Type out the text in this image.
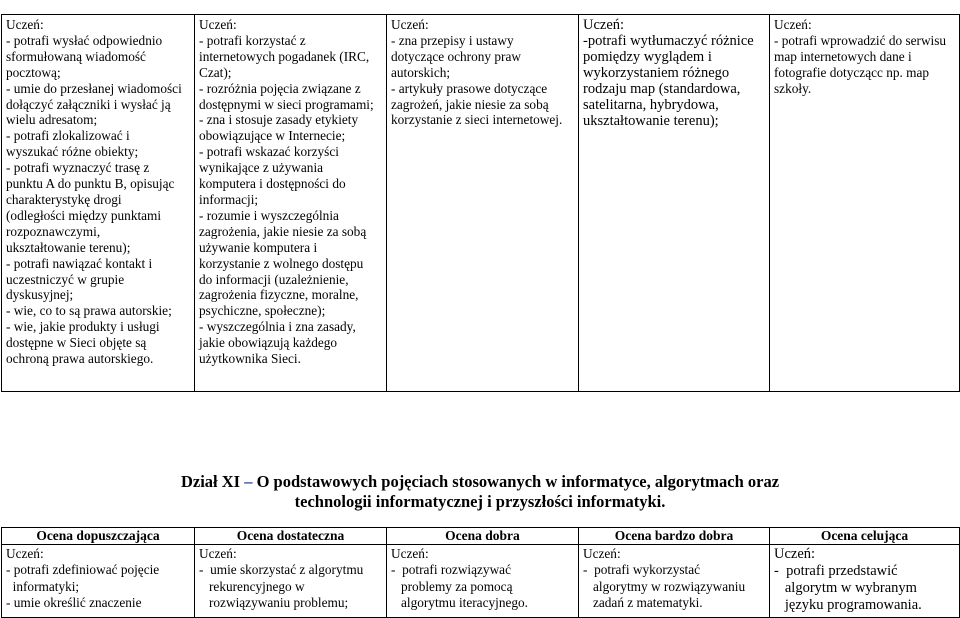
Uczeń:
- potrafi wysłać odpowiednio
sformułowaną wiadomość
pocztową;
- umie do przesłanej wiadomości
dołączyć załączniki i wysłać ją
wielu adresatom;
- potrafi zlokalizować i
wyszukać różne obiekty;
- potrafi wyznaczyć trasę z
punktu A do punktu B, opisując
charakterystykę drogi
(odległości między punktami
rozpoznawczymi,
ukształtowanie terenu);
- potrafi nawiązać kontakt i
uczestniczyć w grupie
dyskusyjnej;
- wie, co to są prawa autorskie;
- wie, jakie produkty i usługi
dostępne w Sieci objęte są
ochroną prawa autorskiego.

Uczeń:
- potrafi korzystać z
internetowych pogadanek (IRC,
Czat);
- rozróżnia pojęcia związane z
dostępnymi w sieci programami;
- zna i stosuje zasady etykiety
obowiązujące w Internecie;
- potrafi wskazać korzyści
wynikające z używania
komputera i dostępności do
informacji;
- rozumie i wyszczególnia
zagrożenia, jakie niesie za sobą
używanie komputera i
korzystanie z wolnego dostępu
do informacji (uzależnienie,
zagrożenia fizyczne, moralne,
psychiczne, społeczne);
- wyszczególnia i zna zasady,
jakie obowiązują każdego
użytkownika Sieci.

Uczeń:
- zna przepisy i ustawy
dotyczące ochrony praw
autorskich;
- artykuły prasowe dotyczące
zagrożeń, jakie niesie za sobą
korzystanie z sieci internetowej.

Uczeń:
-potrafi wytłumaczyć różnice
pomiędzy wyglądem i
wykorzystaniem różnego
rodzaju map (standardowa,
satelitarna, hybrydowa,
ukształtowanie terenu);

Uczeń:
- potrafi wprowadzić do serwisu
map internetowych dane i
fotografie dotyczącc np. map
szkoły.
Dział XI – O podstawowych pojęciach stosowanych w informatyce, algorytmach oraz
technologii informatycznej i przyszłości informatyki.
Ocena dopuszczająca	Ocena dostateczna	Ocena dobra	Ocena bardzo dobra	Ocena celująca

Uczeń:
- potrafi zdefiniować pojęcie
informatyki;
- umie określić znaczenie	Uczeń:
-  umie skorzystać z algorytmu
rekurencyjnego w
rozwiązywaniu problemu;	Uczeń:
-  potrafi rozwiązywać
problemy za pomocą
algorytmu iteracyjnego.	Uczeń:
-  potrafi wykorzystać
algorytmy w rozwiązywaniu
zadań z matematyki.	Uczeń:
-  potrafi przedstawić
algorytm w wybranym
języku programowania.
